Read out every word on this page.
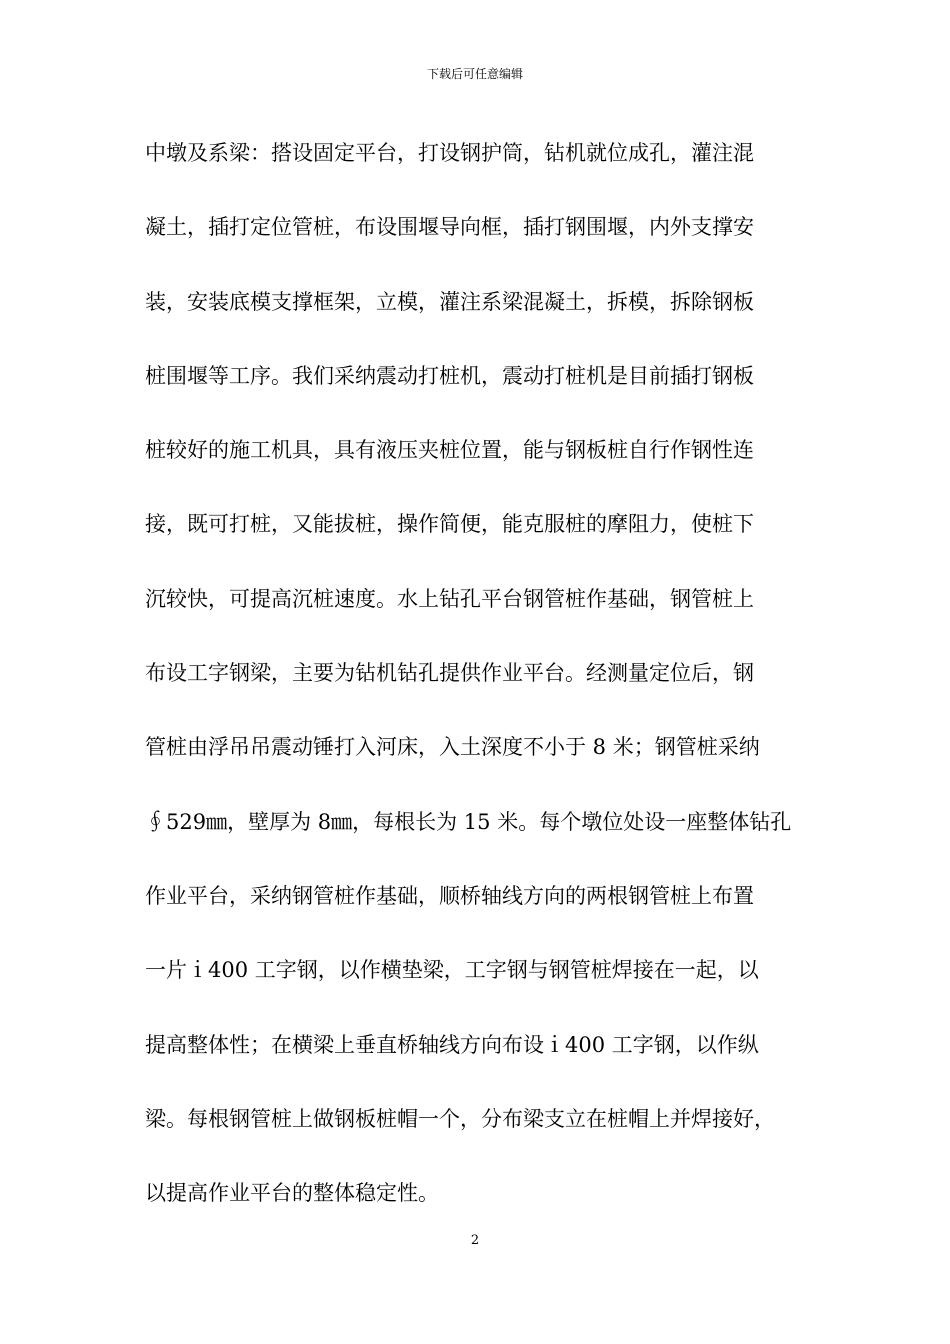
下载后可任意编辑
中墩及系梁：搭设固定平台，打设钢护筒，钻机就位成孔，灌注混
凝土，插打定位管桩，布设围堰导向框，插打钢围堰，内外支撑安
装，安装底模支撑框架，立模，灌注系梁混凝土，拆模，拆除钢板
桩围堰等工序。我们采纳震动打桩机，震动打桩机是目前插打钢板
桩较好的施工机具，具有液压夹桩位置，能与钢板桩自行作钢性连
接，既可打桩，又能拔桩，操作简便，能克服桩的摩阻力，使桩下
沉较快，可提高沉桩速度。水上钻孔平台钢管桩作基础，钢管桩上
布设工字钢梁，主要为钻机钻孔提供作业平台。经测量定位后，钢
管桩由浮吊吊震动锤打入河床，入土深度不小于 8 米；钢管桩采纳
∮529㎜，壁厚为 8㎜，每根长为 15 米。每个墩位处设一座整体钻孔
作业平台，采纳钢管桩作基础，顺桥轴线方向的两根钢管桩上布置
一片ｉ400 工字钢，以作横垫梁，工字钢与钢管桩焊接在一起，以
提高整体性；在横梁上垂直桥轴线方向布设ｉ400 工字钢，以作纵
梁。每根钢管桩上做钢板桩帽一个，分布梁支立在桩帽上并焊接好，
以提高作业平台的整体稳定性。
2
